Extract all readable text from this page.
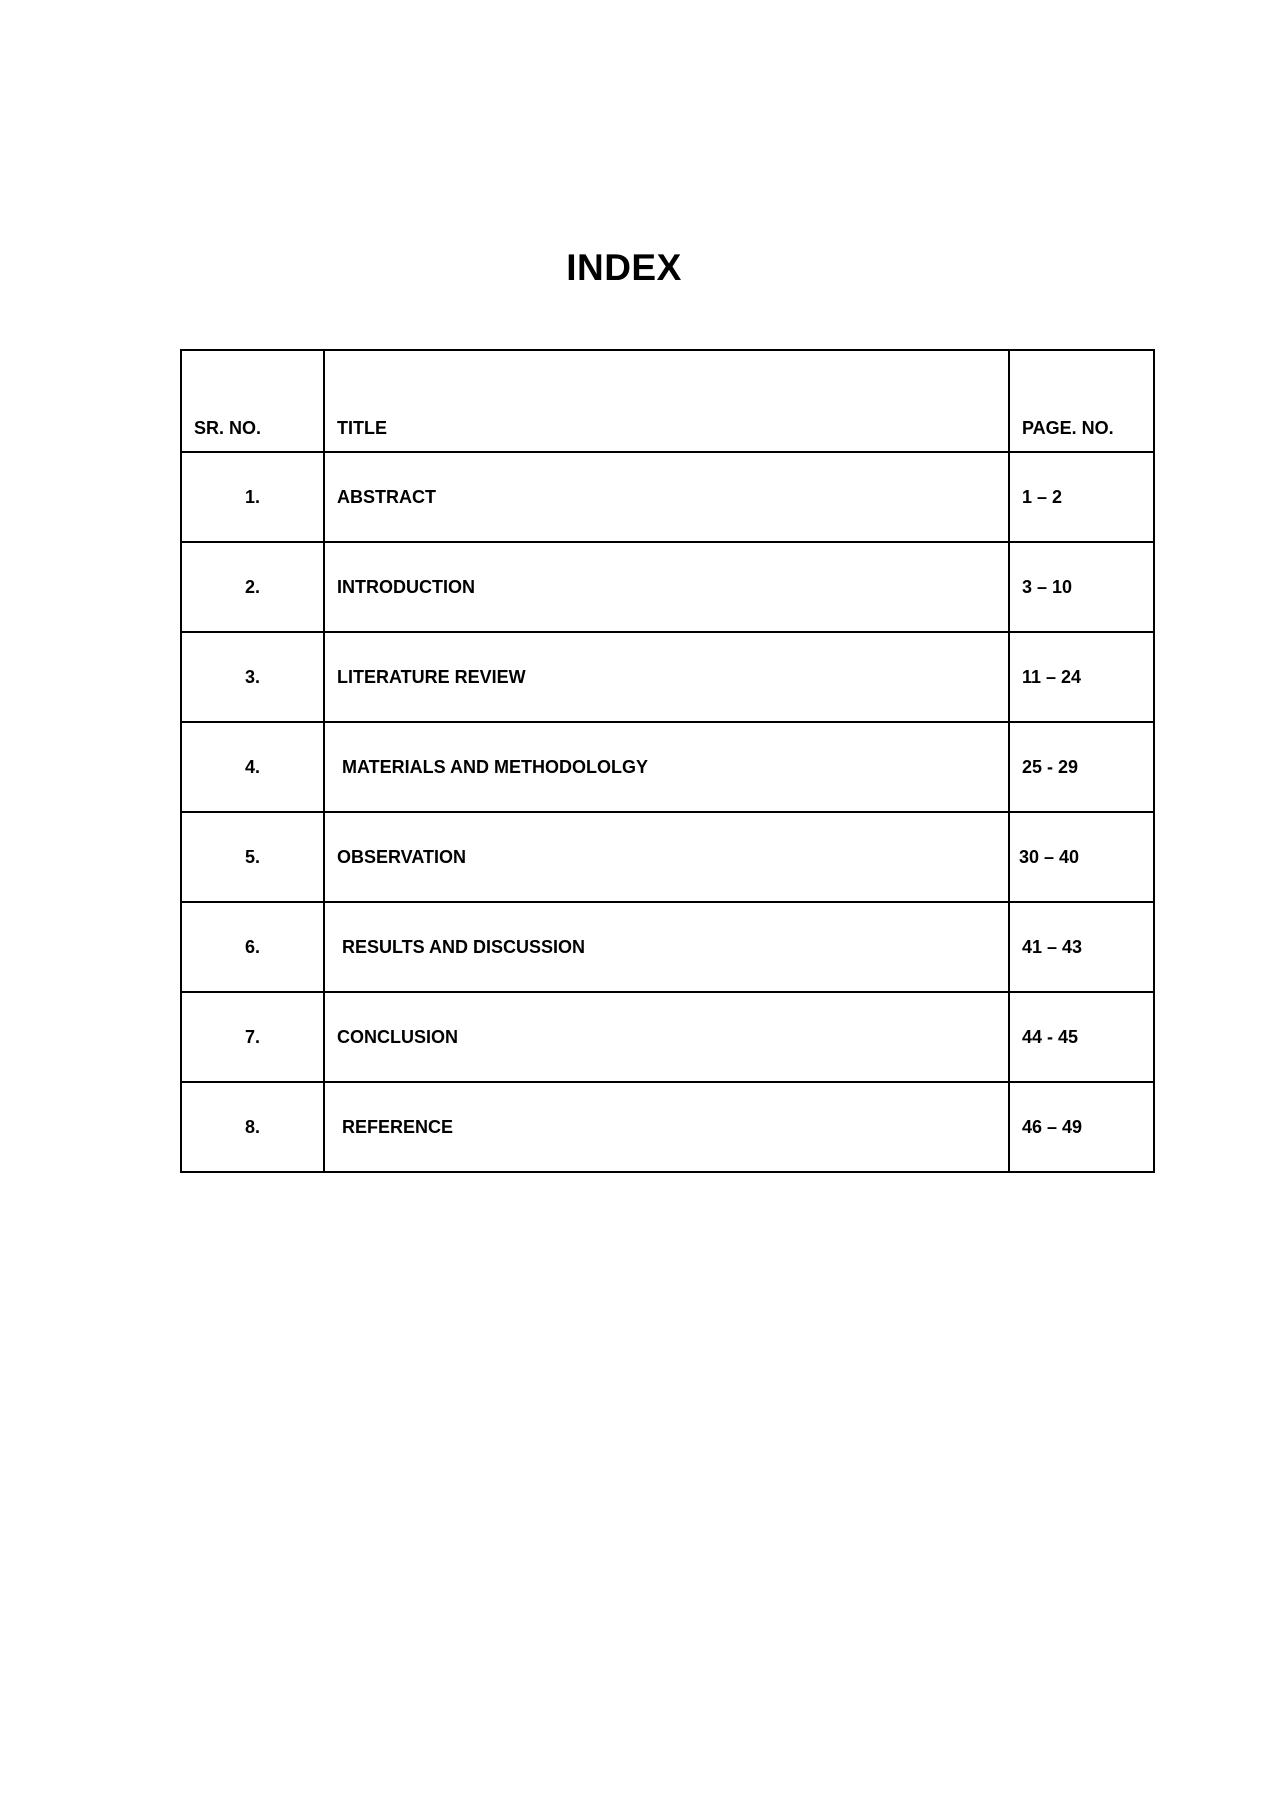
INDEX
SR. NO.	TITLE	PAGE. NO.
1.	ABSTRACT	1 – 2
2.	INTRODUCTION	3 – 10
3.	LITERATURE REVIEW	11 – 24
4.	MATERIALS AND METHODOLOLGY	25 - 29
5.	OBSERVATION	30 – 40
6.	RESULTS AND DISCUSSION	41 – 43
7.	CONCLUSION	44 - 45
8.	REFERENCE	46 – 49
